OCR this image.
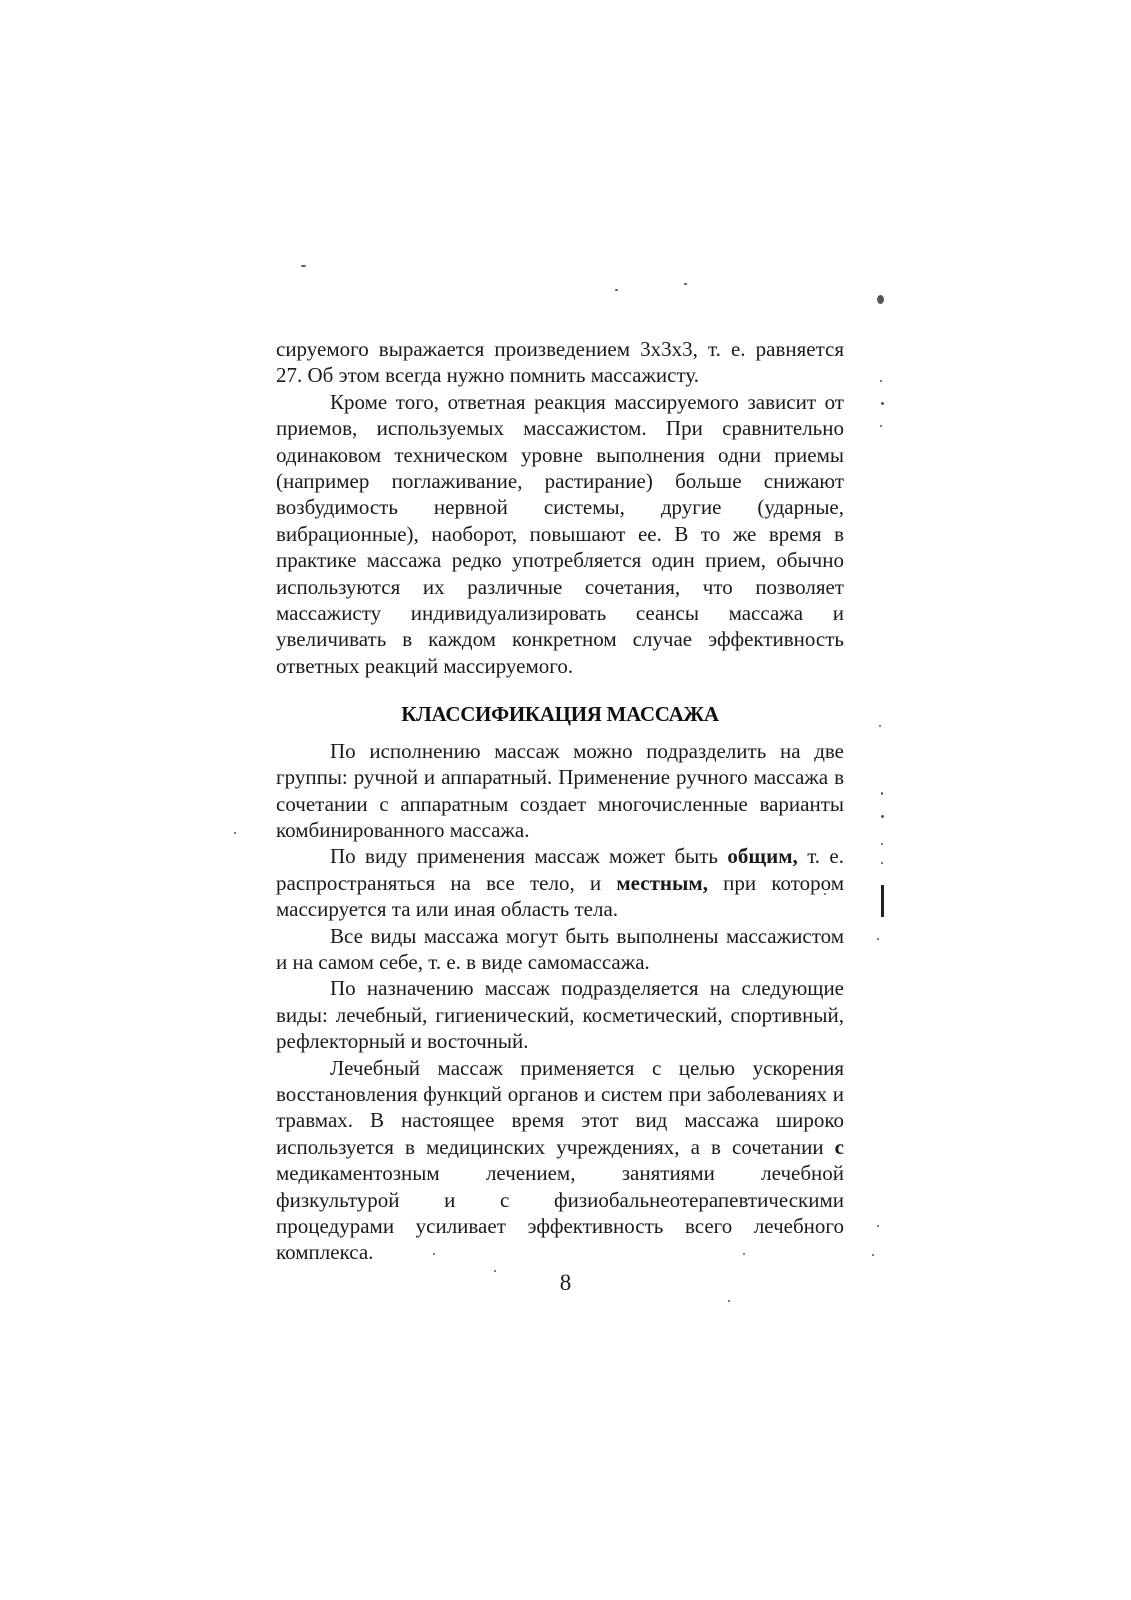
сируемого выражается произведением 3х3х3, т. е. равняется 27. Об этом всегда нужно помнить массажисту.

Кроме того, ответная реакция массируемого зависит от приемов, используемых массажистом. При сравнительно одинаковом техническом уровне выполнения одни приемы (например поглаживание, растирание) больше снижают возбудимость нервной системы, другие (ударные, вибрационные), наоборот, повышают ее. В то же время в практике массажа редко употребляется один прием, обычно используются их различные сочетания, что позволяет массажисту индивидуализировать сеансы массажа и увеличивать в каждом конкретном случае эффективность ответных реакций массируемого.

КЛАССИФИКАЦИЯ МАССАЖА

По исполнению массаж можно подразделить на две группы: ручной и аппаратный. Применение ручного массажа в сочетании с аппаратным создает многочисленные варианты комбинированного массажа.

По виду применения массаж может быть общим, т. е. распространяться на все тело, и местным, при котором массируется та или иная область тела.

Все виды массажа могут быть выполнены массажистом и на самом себе, т. е. в виде самомассажа.

По назначению массаж подразделяется на следующие виды: лечебный, гигиенический, косметический, спортивный, рефлекторный и восточный.

Лечебный массаж применяется с целью ускорения восстановления функций органов и систем при заболеваниях и травмах. В настоящее время этот вид массажа широко используется в медицинских учреждениях, а в сочетании с медикаментозным лечением, занятиями лечебной физкультурой и с физиобальнеотерапевтическими процедурами усиливает эффективность всего лечебного комплекса.

8
